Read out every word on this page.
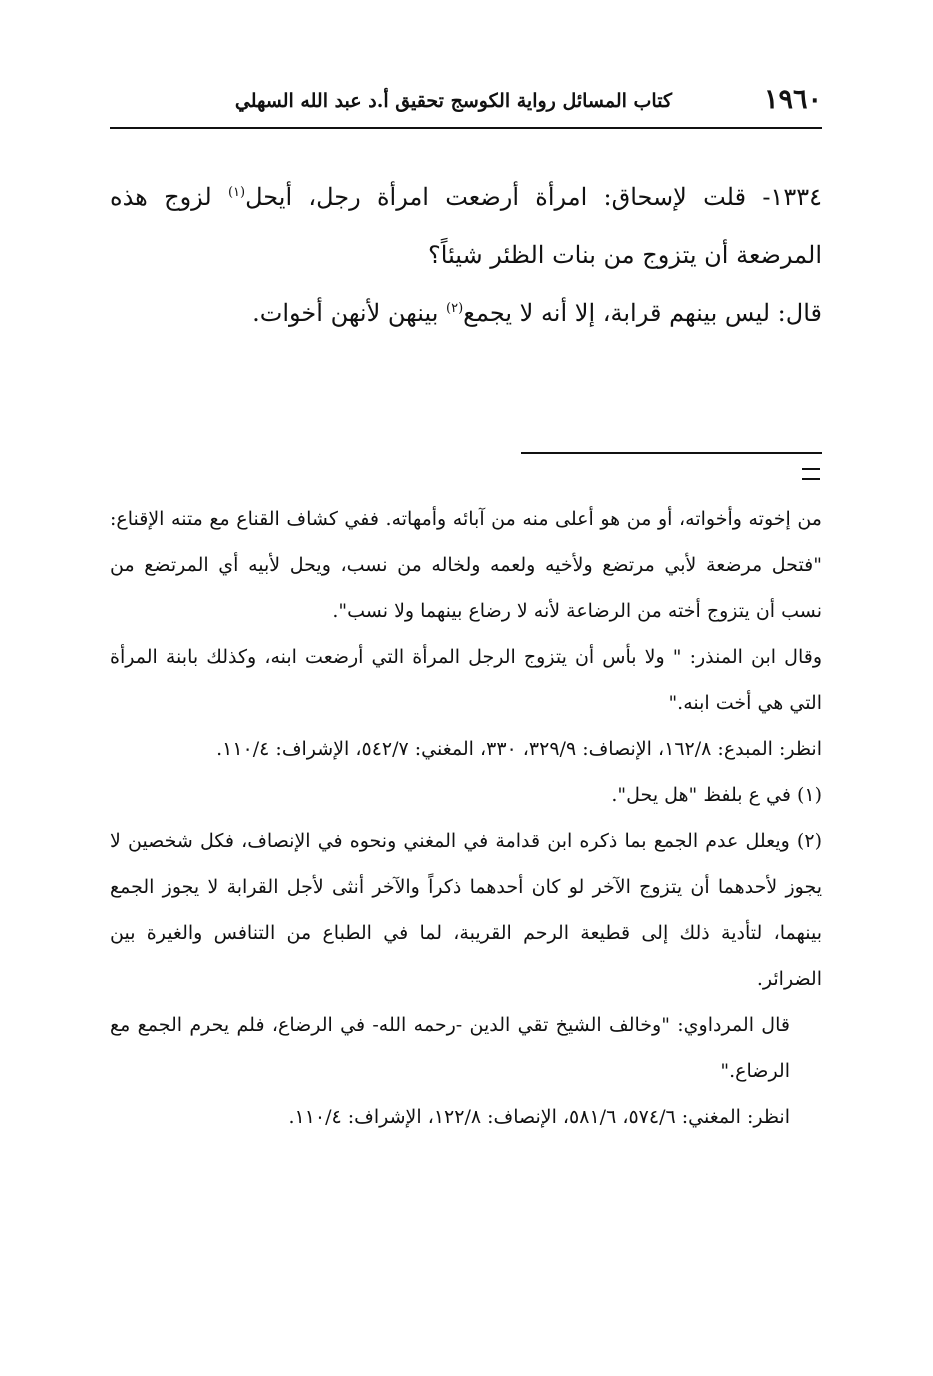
١٩٦٠
كتاب المسائل رواية الكوسج تحقيق أ.د عبد الله السهلي

١٣٣٤- قلت لإسحاق: امرأة أرضعت امرأة رجل، أيحل$^{(١)}$ لزوج هذه المرضعة أن يتزوج من بنات الظئر شيئاً؟

قال: ليس بينهم قرابة، إلا أنه لا يجمع$^{(٢)}$ بينهن لأنهن أخوات.

من إخوته وأخواته، أو من هو أعلى منه من آبائه وأمهاته. ففي كشاف القناع مع متنه الإقناع: "فتحل مرضعة لأبي مرتضع ولأخيه ولعمه ولخاله من نسب، ويحل لأبيه أي المرتضع من نسب أن يتزوج أخته من الرضاعة لأنه لا رضاع بينهما ولا نسب".

وقال ابن المنذر: " ولا بأس أن يتزوج الرجل المرأة التي أرضعت ابنه، وكذلك بابنة المرأة التي هي أخت ابنه."

انظر: المبدع: ١٦٢/٨، الإنصاف: ٣٢٩/٩، ٣٣٠، المغني: ٥٤٢/٧، الإشراف: ١١٠/٤.

(١) في ع بلفظ "هل يحل".

(٢) ويعلل عدم الجمع بما ذكره ابن قدامة في المغني ونحوه في الإنصاف، فكل شخصين لا يجوز لأحدهما أن يتزوج الآخر لو كان أحدهما ذكراً والآخر أنثى لأجل القرابة لا يجوز الجمع بينهما، لتأدية ذلك إلى قطيعة الرحم القريبة، لما في الطباع من التنافس والغيرة بين الضرائر.

قال المرداوي: "وخالف الشيخ تقي الدين -رحمه الله- في الرضاع، فلم يحرم الجمع مع الرضاع."

انظر: المغني: ٥٧٤/٦، ٥٨١/٦، الإنصاف: ١٢٢/٨، الإشراف: ١١٠/٤.
